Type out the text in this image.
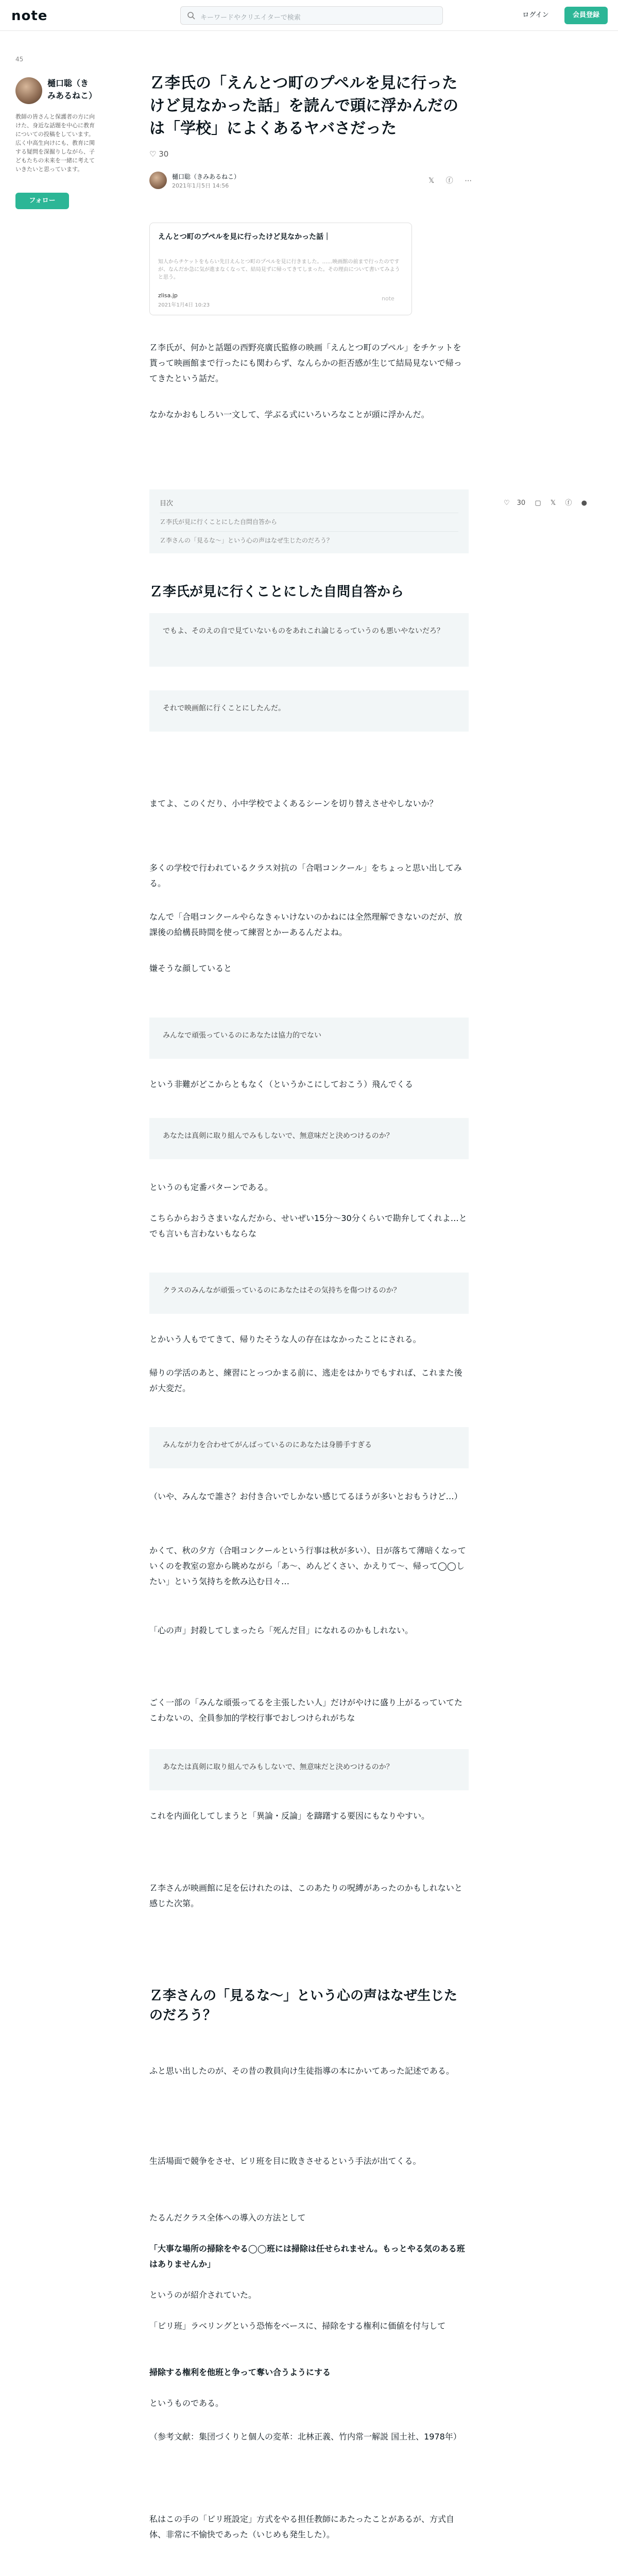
note	キーワードやクリエイターで検索	ログイン	会員登録
45
樋口聡（きみあるねこ）
教師の皆さんと保護者の方に向けた、身近な話題を中心に教育についての投稿をしています。広く中高生向けにも、教育に関する疑問を深掘りしながら、子どもたちの未来を一緒に考えていきたいと思っています。
フォロー
Ｚ李氏の「えんとつ町のプペルを見に行ったけど見なかった話」を読んで頭に浮かんだのは「学校」によくあるヤバさだった
♡ 30
樋口聡（きみあるねこ）
2021年1月5日 14:56
𝕏 ⓕ ⋯
えんとつ町のプペルを見に行ったけど見なかった話｜
知人からチケットをもらい先日えんとつ町のプペルを見に行きました。……映画館の前まで行ったのですが、なんだか急に気が進まなくなって、結局見ずに帰ってきてしまった。その理由について書いてみようと思う。
zlisa.jp
2021年1月4日 10:23
note
Ｚ李氏が、何かと話題の西野亮廣氏監修の映画「えんとつ町のプペル」をチケットを貰って映画館まで行ったにも関わらず、なんらかの拒否感が生じて結局見ないで帰ってきたという話だ。
なかなかおもしろい一文して、学ぶる式にいろいろなことが頭に浮かんだ。
目次
Ｚ李氏が見に行くことにした自問自答から
Ｚ李さんの「見るな〜」という心の声はなぜ生じたのだろう？
♡ 30 ▢ 𝕏 ⓕ ●
Ｚ李氏が見に行くことにした自問自答から
でもよ、そのえの自で見ていないものをあれこれ論じるっていうのも悪いやないだろ？
それで映画館に行くことにしたんだ。
まてよ、このくだり、小中学校でよくあるシーンを切り替えさせやしないか？
多くの学校で行われているクラス対抗の「合唱コンクール」をちょっと思い出してみる。
なんで「合唱コンクールやらなきゃいけないのかねには全然理解できないのだが、放課後の給構長時間を使って練習とかーあるんだよね。
嫌そうな顔していると
みんなで頑張っているのにあなたは協力的でない
という非難がどこからともなく（というかこにしておこう）飛んでくる
あなたは真剣に取り組んでみもしないで、無意味だと決めつけるのか？
というのも定番パターンである。
こちらからおうさまいなんだから、せいぜい15分〜30分くらいで勘弁してくれよ…とでも言いも言わないもならな
クラスのみんなが頑張っているのにあなたはその気持ちを傷つけるのか？
とかいう人もでてきて、帰りたそうな人の存在はなかったことにされる。
帰りの学活のあと、練習にとっつかまる前に、逃走をはかりでもすれば、これまた後が大変だ。
みんなが力を合わせてがんばっているのにあなたは身勝手すぎる
（いや、みんなで誰さ？お付き合いでしかない感じてるほうが多いとおもうけど…）
かくて、秋の夕方（合唱コンクールという行事は秋が多い）、日が落ちて薄暗くなっていくのを教室の窓から眺めながら「あ〜、めんどくさい、かえりて〜、帰って◯◯したい」という気持ちを飲み込む日々…
「心の声」封殺してしまったら「死んだ目」になれるのかもしれない。
ごく一部の「みんな頑張ってるを主張したい人」だけがやけに盛り上がるっていてたこわないの、全員参加的学校行事でおしつけられがちな
あなたは真剣に取り組んでみもしないで、無意味だと決めつけるのか？
これを内面化してしまうと「異論・反論」を躊躇する要因にもなりやすい。
Ｚ李さんが映画館に足を伝けれたのは、このあたりの呪縛があったのかもしれないと感じた次第。
Ｚ李さんの「見るな〜」という心の声はなぜ生じたのだろう？
ふと思い出したのが、その昔の教員向け生徒指導の本にかいてあった記述である。
生活場面で競争をさせ、ビリ班を目に敗きさせるという手法が出てくる。
たるんだクラス全体への導入の方法として
「大事な場所の掃除をやる◯◯班には掃除は任せられません。もっとやる気のある班はありませんか」
というのが紹介されていた。
「ビリ班」ラベリングという恐怖をベースに、掃除をする権利に価値を付与して
掃除する権利を他班と争って奪い合うようにする
というものである。
（参考文献：集団づくりと個人の変革：北林正義、竹内常一解説 国土社、1978年）
私はこの手の「ビリ班設定」方式をやる担任教師にあたったことがあるが、方式自体、非常に不愉快であった（いじめも発生した）。
